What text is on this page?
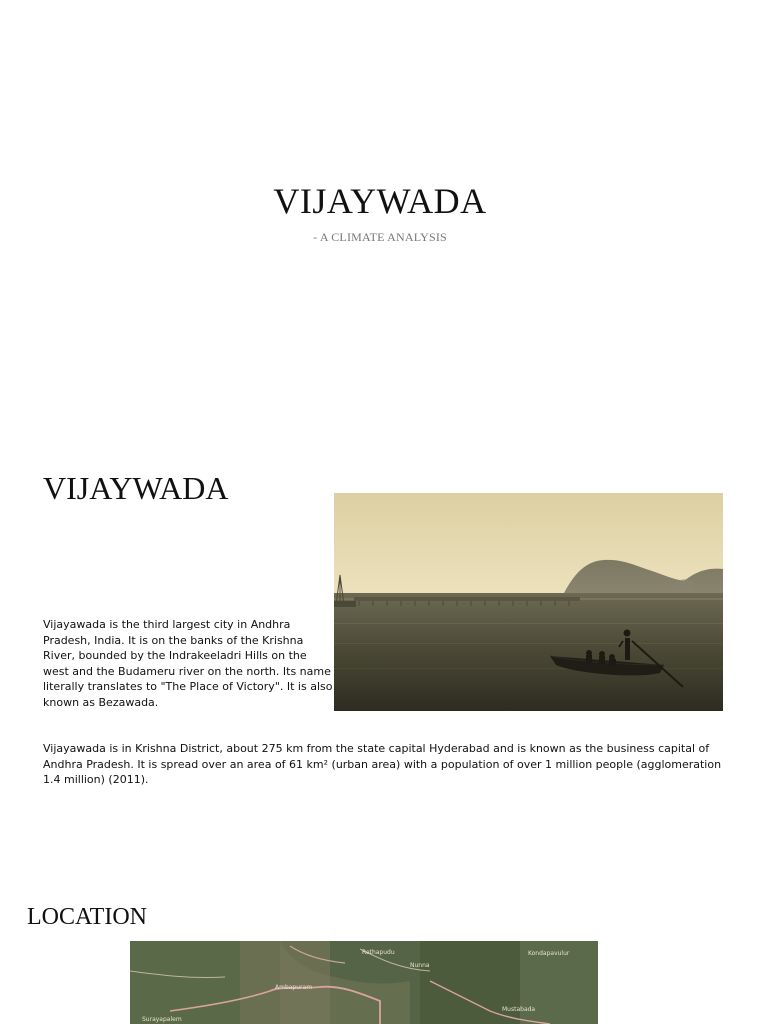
VIJAYWADA
- A CLIMATE ANALYSIS
VIJAYWADA
Vijayawada is the third largest city in Andhra Pradesh, India. It is on the banks of the Krishna River, bounded by the Indrakeeladri Hills on the west and the Budameru river on the north. Its name literally translates to "The Place of Victory". It is also known as Bezawada.
Vijayawada is in Krishna District, about 275 km from the state capital Hyderabad and is known as the business capital of Andhra Pradesh. It is spread over an area of 61 km² (urban area) with a population of over 1 million people (agglomeration 1.4 million) (2011).
LOCATION
Rethapudu
Ambapuram
Nunna
Kondapavulur
Mustabada
Surayapalem
